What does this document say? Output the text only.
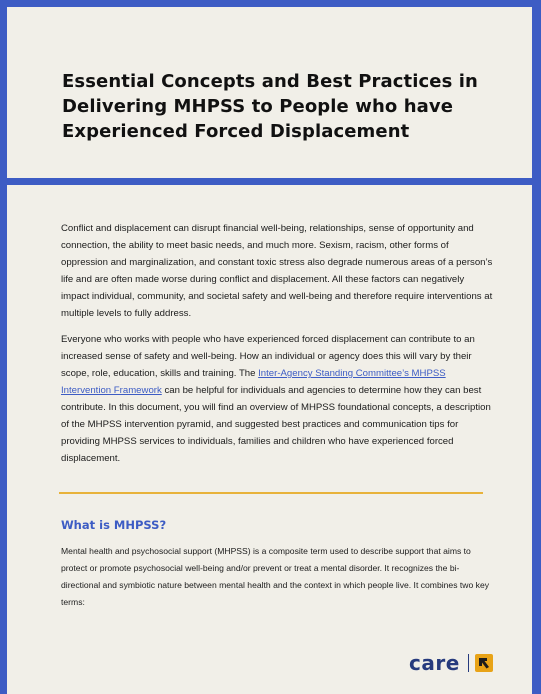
Essential Concepts and Best Practices in Delivering MHPSS to People who have Experienced Forced Displacement

Conflict and displacement can disrupt financial well-being, relationships, sense of opportunity and connection, the ability to meet basic needs, and much more. Sexism, racism, other forms of oppression and marginalization, and constant toxic stress also degrade numerous areas of a person’s life and are often made worse during conflict and displacement. All these factors can negatively impact individual, community, and societal safety and well-being and therefore require interventions at multiple levels to fully address.

Everyone who works with people who have experienced forced displacement can contribute to an increased sense of safety and well-being. How an individual or agency does this will vary by their scope, role, education, skills and training. The Inter-Agency Standing Committee’s MHPSS Intervention Framework can be helpful for individuals and agencies to determine how they can best contribute. In this document, you will find an overview of MHPSS foundational concepts, a description of the MHPSS intervention pyramid, and suggested best practices and communication tips for providing MHPSS services to individuals, families and children who have experienced forced displacement.

What is MHPSS?

Mental health and psychosocial support (MHPSS) is a composite term used to describe support that aims to protect or promote psychosocial well-being and/or prevent or treat a mental disorder. It recognizes the bi-directional and symbiotic nature between mental health and the context in which people live. It combines two key terms:

care
